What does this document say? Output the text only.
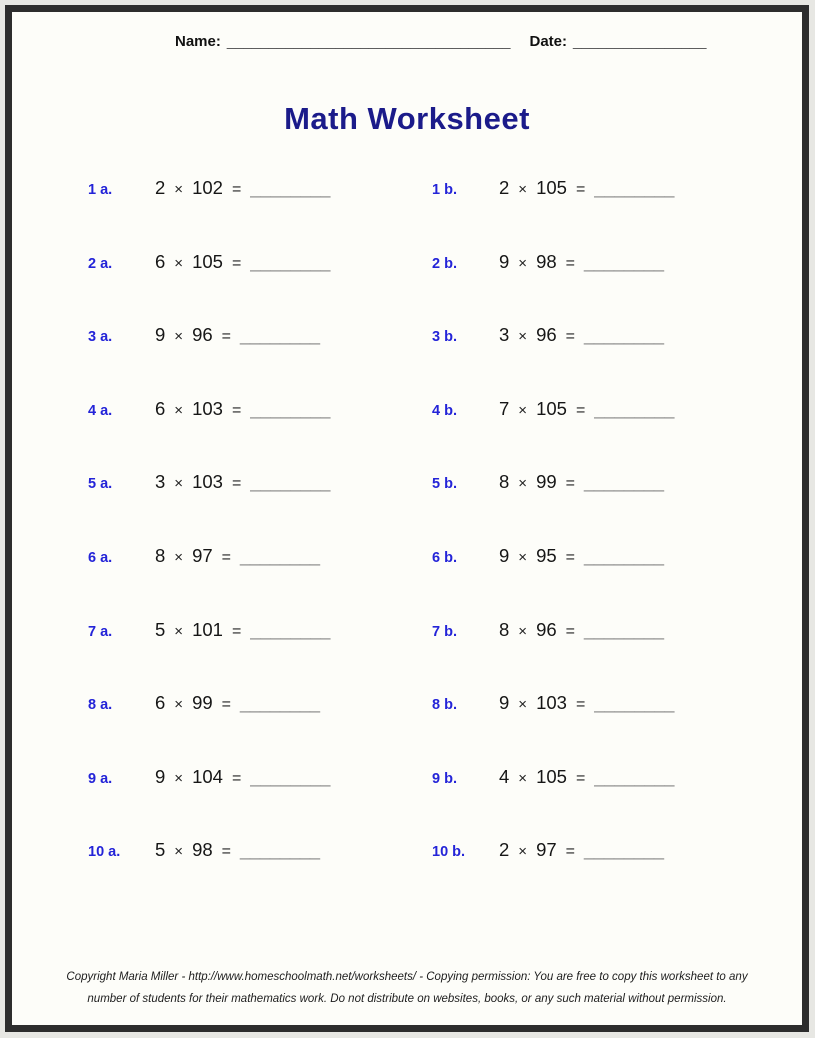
Name: __________________________________ Date: ________________
Math Worksheet
1 a.	2 × 102 = ________	1 b.	2 × 105 = ________
2 a.	6 × 105 = ________	2 b.	9 × 98 = ________
3 a.	9 × 96 = ________	3 b.	3 × 96 = ________
4 a.	6 × 103 = ________	4 b.	7 × 105 = ________
5 a.	3 × 103 = ________	5 b.	8 × 99 = ________
6 a.	8 × 97 = ________	6 b.	9 × 95 = ________
7 a.	5 × 101 = ________	7 b.	8 × 96 = ________
8 a.	6 × 99 = ________	8 b.	9 × 103 = ________
9 a.	9 × 104 = ________	9 b.	4 × 105 = ________
10 a.	5 × 98 = ________	10 b.	2 × 97 = ________
Copyright Maria Miller - http://www.homeschoolmath.net/worksheets/ - Copying permission: You are free to copy this worksheet to any
number of students for their mathematics work. Do not distribute on websites, books, or any such material without permission.
